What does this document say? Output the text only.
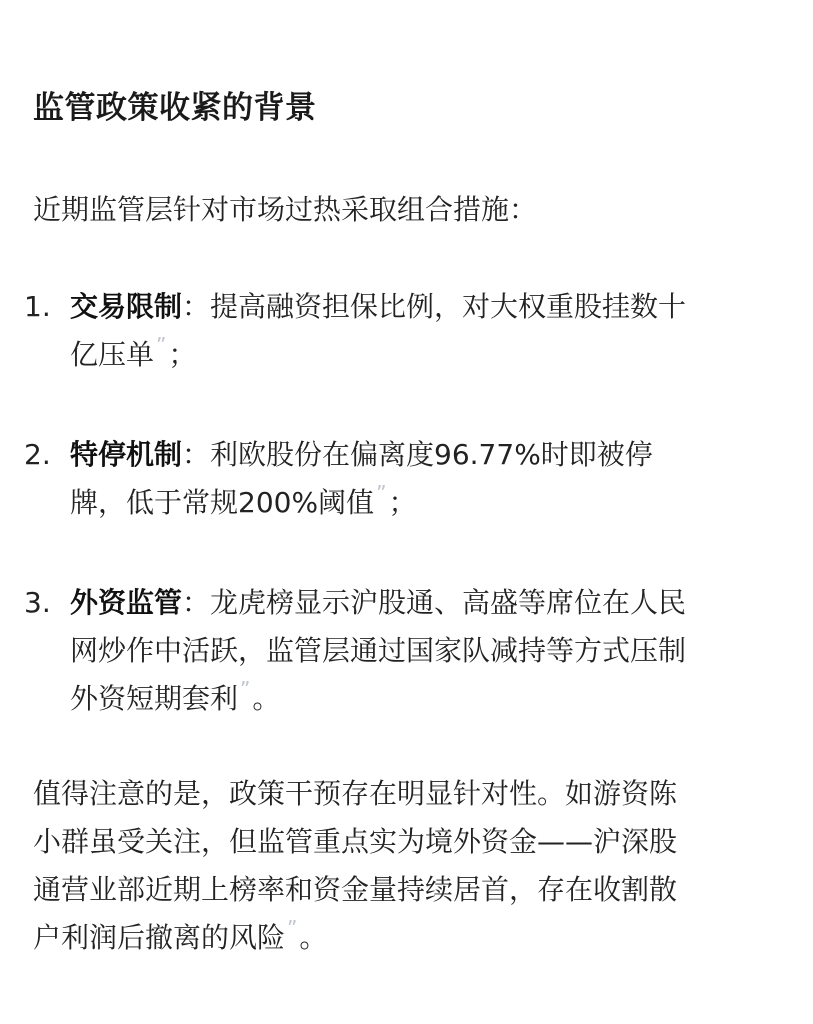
监管政策收紧的背景

近期监管层针对市场过热采取组合措施：

1. 交易限制：提高融资担保比例，对大权重股挂数十
亿压单 ”；
2. 特停机制：利欧股份在偏离度96.77%时即被停
牌，低于常规200%阈值 ”；
3. 外资监管：龙虎榜显示沪股通、高盛等席位在人民
网炒作中活跃，监管层通过国家队减持等方式压制
外资短期套利 ”。
值得注意的是，政策干预存在明显针对性。如游资陈
小群虽受关注，但监管重点实为境外资金——沪深股
通营业部近期上榜率和资金量持续居首，存在收割散
户利润后撤离的风险 ”。
